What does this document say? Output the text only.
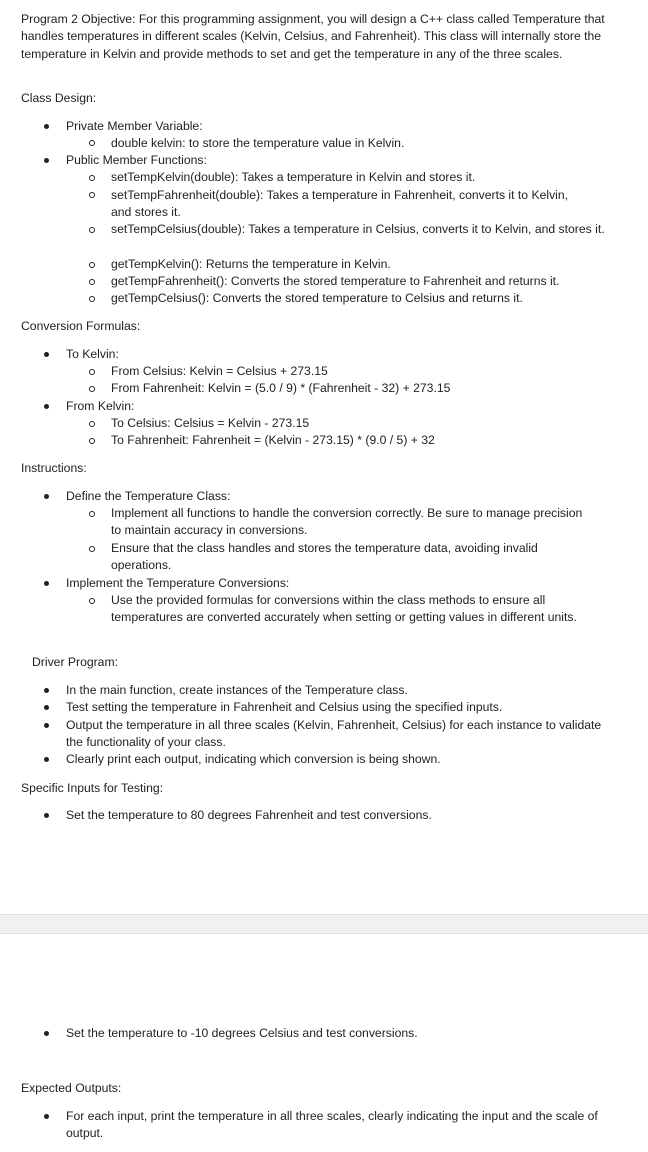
Program 2 Objective: For this programming assignment, you will design a C++ class called Temperature that handles temperatures in different scales (Kelvin, Celsius, and Fahrenheit). This class will internally store the temperature in Kelvin and provide methods to set and get the temperature in any of the three scales.
Class Design:
Private Member Variable:
double kelvin: to store the temperature value in Kelvin.
Public Member Functions:
setTempKelvin(double): Takes a temperature in Kelvin and stores it.
setTempFahrenheit(double): Takes a temperature in Fahrenheit, converts it to Kelvin, and stores it.
setTempCelsius(double): Takes a temperature in Celsius, converts it to Kelvin, and stores it.
getTempKelvin(): Returns the temperature in Kelvin.
getTempFahrenheit(): Converts the stored temperature to Fahrenheit and returns it.
getTempCelsius(): Converts the stored temperature to Celsius and returns it.
Conversion Formulas:
To Kelvin:
From Celsius: Kelvin = Celsius + 273.15
From Fahrenheit: Kelvin = (5.0 / 9) * (Fahrenheit - 32) + 273.15
From Kelvin:
To Celsius: Celsius = Kelvin - 273.15
To Fahrenheit: Fahrenheit = (Kelvin - 273.15) * (9.0 / 5) + 32
Instructions:
Define the Temperature Class:
Implement all functions to handle the conversion correctly. Be sure to manage precision to maintain accuracy in conversions.
Ensure that the class handles and stores the temperature data, avoiding invalid operations.
Implement the Temperature Conversions:
Use the provided formulas for conversions within the class methods to ensure all temperatures are converted accurately when setting or getting values in different units.
Driver Program:
In the main function, create instances of the Temperature class.
Test setting the temperature in Fahrenheit and Celsius using the specified inputs.
Output the temperature in all three scales (Kelvin, Fahrenheit, Celsius) for each instance to validate the functionality of your class.
Clearly print each output, indicating which conversion is being shown.
Specific Inputs for Testing:
Set the temperature to 80 degrees Fahrenheit and test conversions.
Set the temperature to -10 degrees Celsius and test conversions.
Expected Outputs:
For each input, print the temperature in all three scales, clearly indicating the input and the scale of output.
